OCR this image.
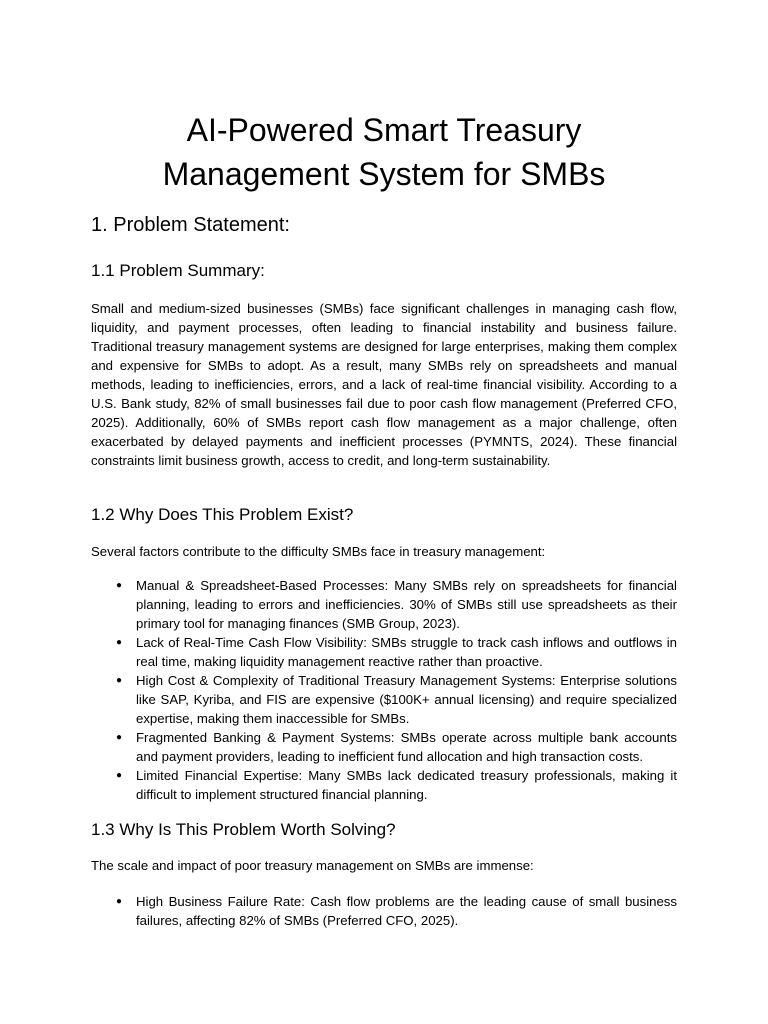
AI-Powered Smart Treasury
Management System for SMBs
1. Problem Statement:
1.1 Problem Summary:

Small and medium-sized businesses (SMBs) face significant challenges in managing cash flow, liquidity, and payment processes, often leading to financial instability and business failure. Traditional treasury management systems are designed for large enterprises, making them complex and expensive for SMBs to adopt. As a result, many SMBs rely on spreadsheets and manual methods, leading to inefficiencies, errors, and a lack of real-time financial visibility. According to a U.S. Bank study, 82% of small businesses fail due to poor cash flow management (Preferred CFO, 2025). Additionally, 60% of SMBs report cash flow management as a major challenge, often exacerbated by delayed payments and inefficient processes (PYMNTS, 2024). These financial constraints limit business growth, access to credit, and long-term sustainability.

1.2 Why Does This Problem Exist?

Several factors contribute to the difficulty SMBs face in treasury management:

● Manual & Spreadsheet-Based Processes: Many SMBs rely on spreadsheets for financial planning, leading to errors and inefficiencies. 30% of SMBs still use spreadsheets as their primary tool for managing finances (SMB Group, 2023).
● Lack of Real-Time Cash Flow Visibility: SMBs struggle to track cash inflows and outflows in real time, making liquidity management reactive rather than proactive.
● High Cost & Complexity of Traditional Treasury Management Systems: Enterprise solutions like SAP, Kyriba, and FIS are expensive ($100K+ annual licensing) and require specialized expertise, making them inaccessible for SMBs.
● Fragmented Banking & Payment Systems: SMBs operate across multiple bank accounts and payment providers, leading to inefficient fund allocation and high transaction costs.
● Limited Financial Expertise: Many SMBs lack dedicated treasury professionals, making it difficult to implement structured financial planning.
1.3 Why Is This Problem Worth Solving?

The scale and impact of poor treasury management on SMBs are immense:

● High Business Failure Rate: Cash flow problems are the leading cause of small business failures, affecting 82% of SMBs (Preferred CFO, 2025).
